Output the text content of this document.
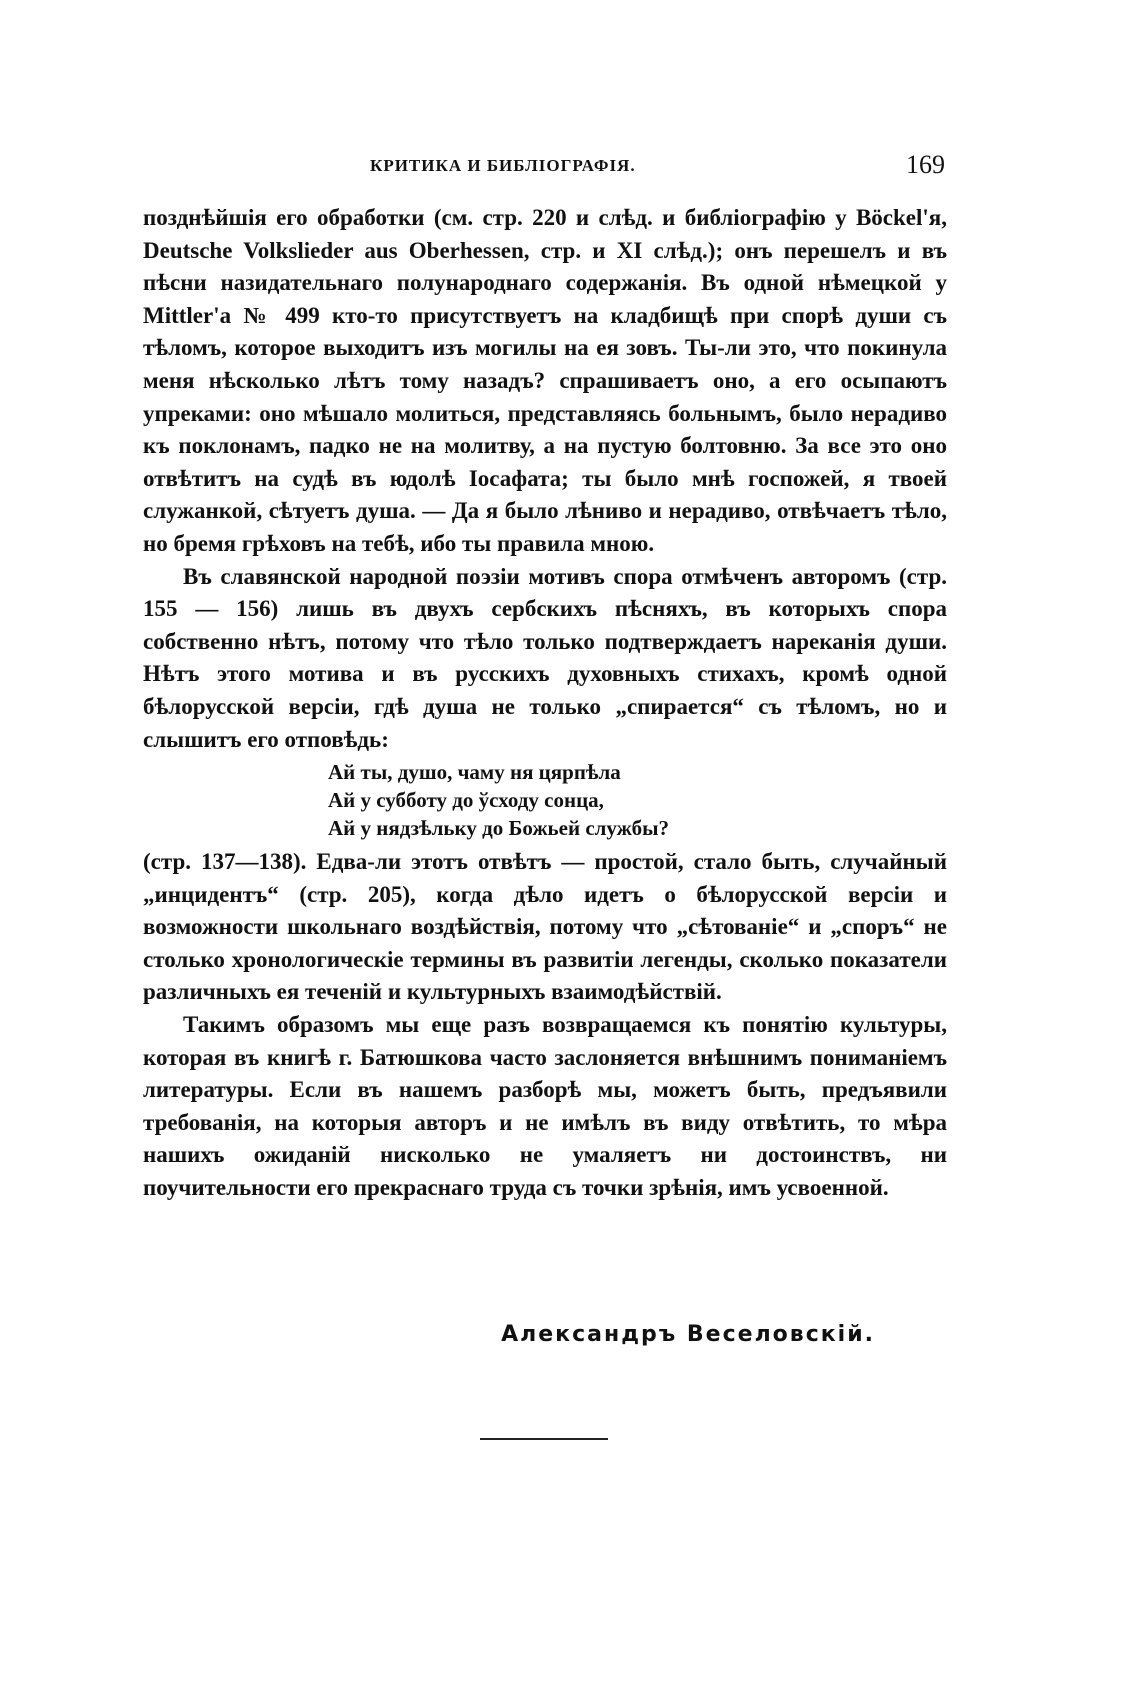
КРИТИКА И БИБЛІОГРАФІЯ.	169

позднѣйшія его обработки (см. стр. 220 и слѣд. и библіографію у Böckel'я, Deutsche Volkslieder aus Oberhessen, стр. и XI слѣд.); онъ перешелъ и въ пѣсни назидательнаго полународнаго содержанія. Въ одной нѣмецкой у Mittler'а № 499 кто-то присутствуетъ на кладбищѣ при спорѣ души съ тѣломъ, которое выходитъ изъ могилы на ея зовъ. Ты-ли это, что покинула меня нѣсколько лѣтъ тому назадъ? спрашиваетъ оно, а его осыпаютъ упреками: оно мѣшало молиться, представляясь больнымъ, было нерадиво къ поклонамъ, падко не на молитву, а на пустую болтовню. За все это оно отвѣтитъ на судѣ въ юдолѣ Іосафата; ты было мнѣ госпожей, я твоей служанкой, сѣтуетъ душа. — Да я было лѣниво и нерадиво, отвѣчаетъ тѣло, но бремя грѣховъ на тебѣ, ибо ты правила мною.

Въ славянской народной поэзіи мотивъ спора отмѣченъ авторомъ (стр. 155 — 156) лишь въ двухъ сербскихъ пѣсняхъ, въ которыхъ спора собственно нѣтъ, потому что тѣло только подтверждаетъ нареканія души. Нѣтъ этого мотива и въ русскихъ духовныхъ стихахъ, кромѣ одной бѣлорусской версіи, гдѣ душа не только „спирается“ съ тѣломъ, но и слышитъ его отповѣдь:

Ай ты, душо, чаму ня цярпѣла
Ай у субботу до ўсходу сонца,
Ай у нядзѣльку до Божьей службы?

(стр. 137—138). Едва-ли этотъ отвѣтъ — простой, стало быть, случайный „инцидентъ“ (стр. 205), когда дѣло идетъ о бѣлорусской версіи и возможности школьнаго воздѣйствія, потому что „сѣтованіе“ и „споръ“ не столько хронологическіе термины въ развитіи легенды, сколько показатели различныхъ ея теченій и культурныхъ взаимодѣйствій.

Такимъ образомъ мы еще разъ возвращаемся къ понятію культуры, которая въ книгѣ г. Батюшкова часто заслоняется внѣшнимъ пониманіемъ литературы. Если въ нашемъ разборѣ мы, можетъ быть, предъявили требованія, на которыя авторъ и не имѣлъ въ виду отвѣтить, то мѣра нашихъ ожиданій нисколько не умаляетъ ни достоинствъ, ни поучительности его прекраснаго труда съ точки зрѣнія, имъ усвоенной.

Александръ Веселовскій.
